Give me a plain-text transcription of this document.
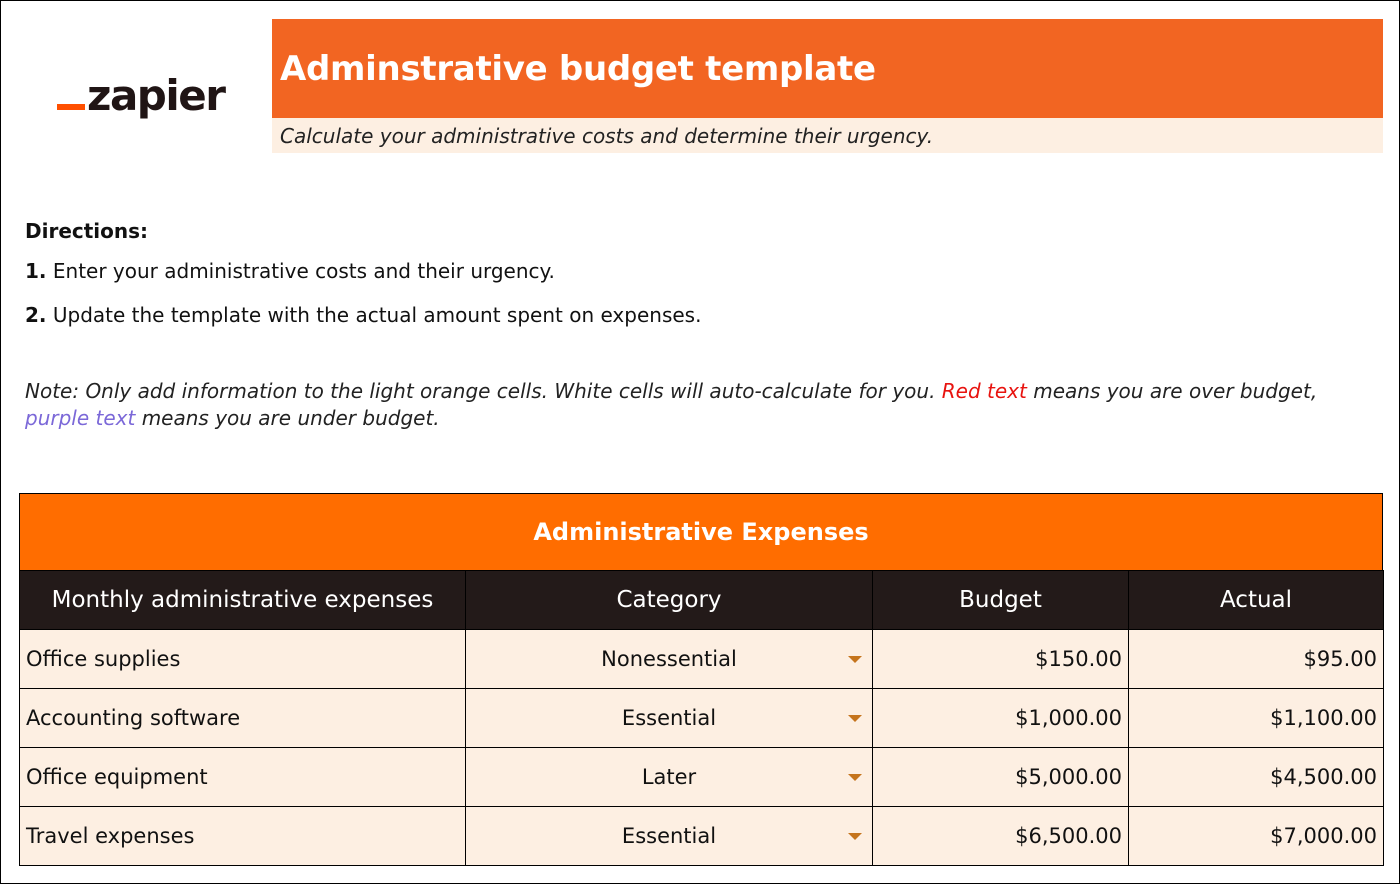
zapier
Adminstrative budget template
Calculate your administrative costs and determine their urgency.
Directions:
1. Enter your administrative costs and their urgency.
2. Update the template with the actual amount spent on expenses.
Note: Only add information to the light orange cells. White cells will auto-calculate for you. Red text means you are over budget, purple text means you are under budget.
Administrative Expenses
Monthly administrative expenses	Category	Budget	Actual
Office supplies	Nonessential	$150.00	$95.00
Accounting software	Essential	$1,000.00	$1,100.00
Office equipment	Later	$5,000.00	$4,500.00
Travel expenses	Essential	$6,500.00	$7,000.00
